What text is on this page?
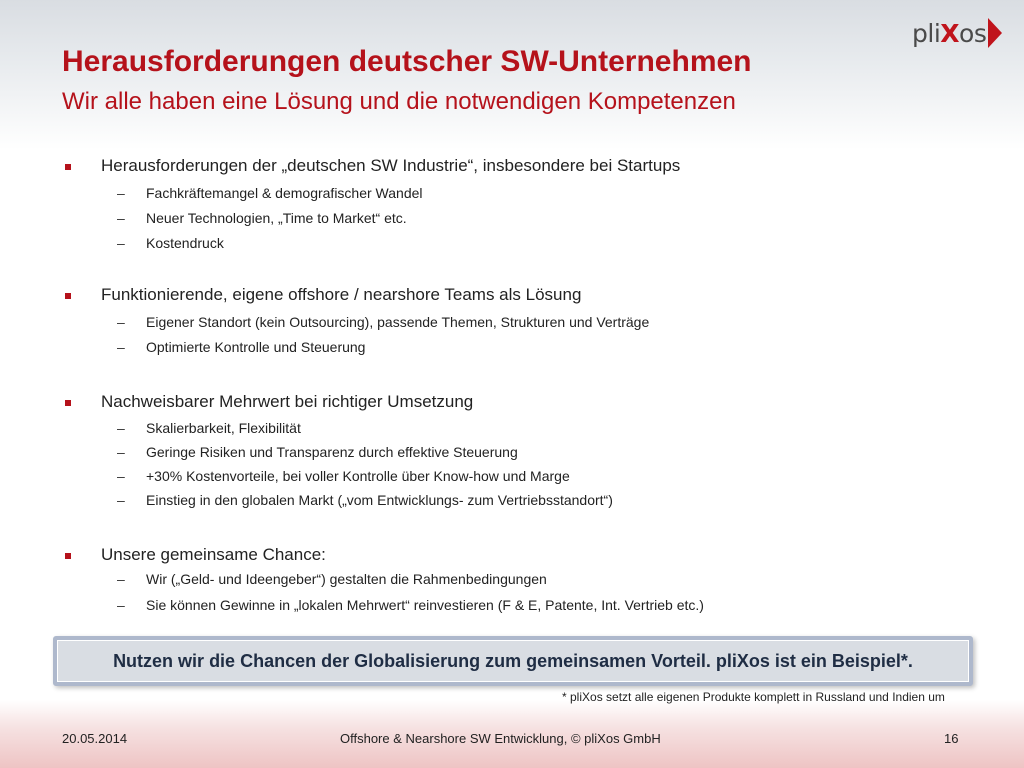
pliXos
Herausforderungen deutscher SW-Unternehmen
Wir alle haben eine Lösung und die notwendigen Kompetenzen
Herausforderungen der „deutschen SW Industrie“, insbesondere bei Startups
– Fachkräftemangel & demografischer Wandel
– Neuer Technologien, „Time to Market“ etc.
– Kostendruck
Funktionierende, eigene offshore / nearshore Teams als Lösung
– Eigener Standort (kein Outsourcing), passende Themen, Strukturen und Verträge
– Optimierte Kontrolle und Steuerung
Nachweisbarer Mehrwert bei richtiger Umsetzung
– Skalierbarkeit, Flexibilität
– Geringe Risiken und Transparenz durch effektive Steuerung
– +30% Kostenvorteile, bei voller Kontrolle über Know-how und Marge
– Einstieg in den globalen Markt („vom Entwicklungs- zum Vertriebsstandort“)
Unsere gemeinsame Chance:
– Wir („Geld- und Ideengeber“) gestalten die Rahmenbedingungen
– Sie können Gewinne in „lokalen Mehrwert“ reinvestieren (F & E, Patente, Int. Vertrieb etc.)
Nutzen wir die Chancen der Globalisierung zum gemeinsamen Vorteil. pliXos ist ein Beispiel*.
* pliXos setzt alle eigenen Produkte komplett in Russland und Indien um
20.05.2014	Offshore & Nearshore SW Entwicklung, © pliXos GmbH	16
